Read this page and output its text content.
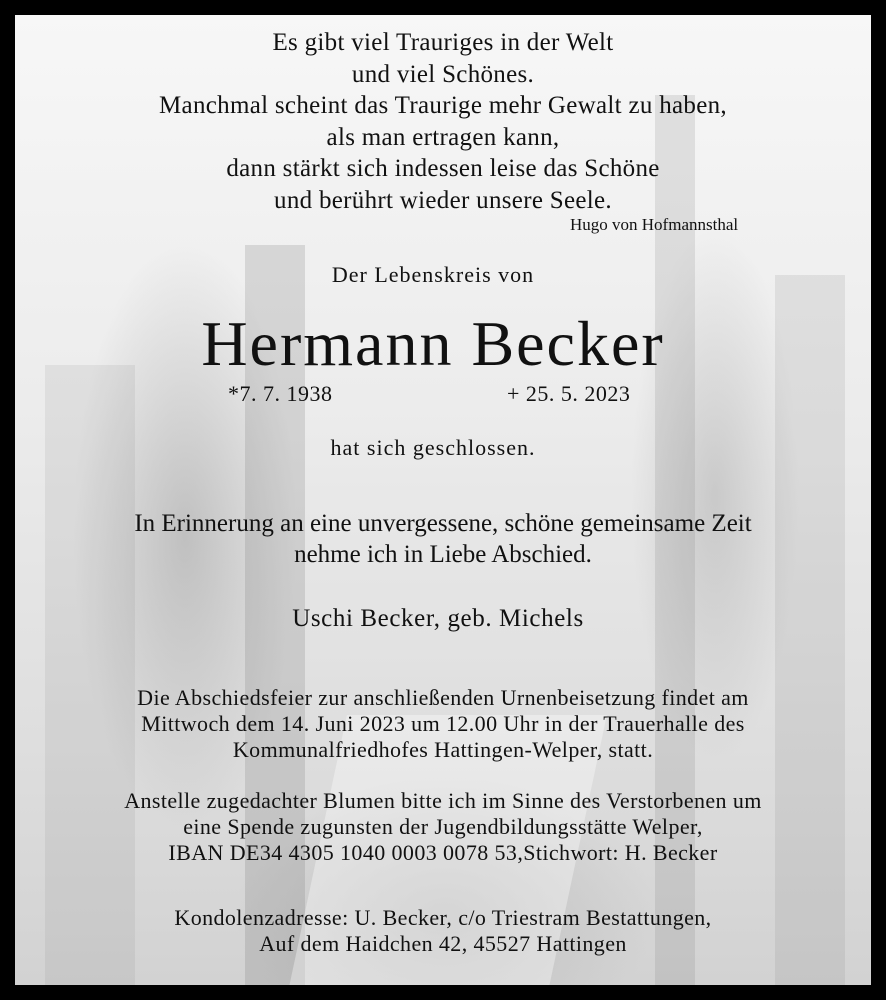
Es gibt viel Trauriges in der Welt
und viel Schönes.
Manchmal scheint das Traurige mehr Gewalt zu haben,
als man ertragen kann,
dann stärkt sich indessen leise das Schöne
und berührt wieder unsere Seele.
Hugo von Hofmannsthal
Der Lebenskreis von
Hermann Becker
*7. 7. 1938	+ 25. 5. 2023
hat sich geschlossen.
In Erinnerung an eine unvergessene, schöne gemeinsame Zeit
nehme ich in Liebe Abschied.
Uschi Becker, geb. Michels
Die Abschiedsfeier zur anschließenden Urnenbeisetzung findet am
Mittwoch dem 14. Juni 2023 um 12.00 Uhr in der Trauerhalle des
Kommunalfriedhofes Hattingen-Welper, statt.
Anstelle zugedachter Blumen bitte ich im Sinne des Verstorbenen um
eine Spende zugunsten der Jugendbildungsstätte Welper,
IBAN DE34 4305 1040 0003 0078 53,Stichwort: H. Becker
Kondolenzadresse: U. Becker, c/o Triestram Bestattungen,
Auf dem Haidchen 42, 45527 Hattingen
